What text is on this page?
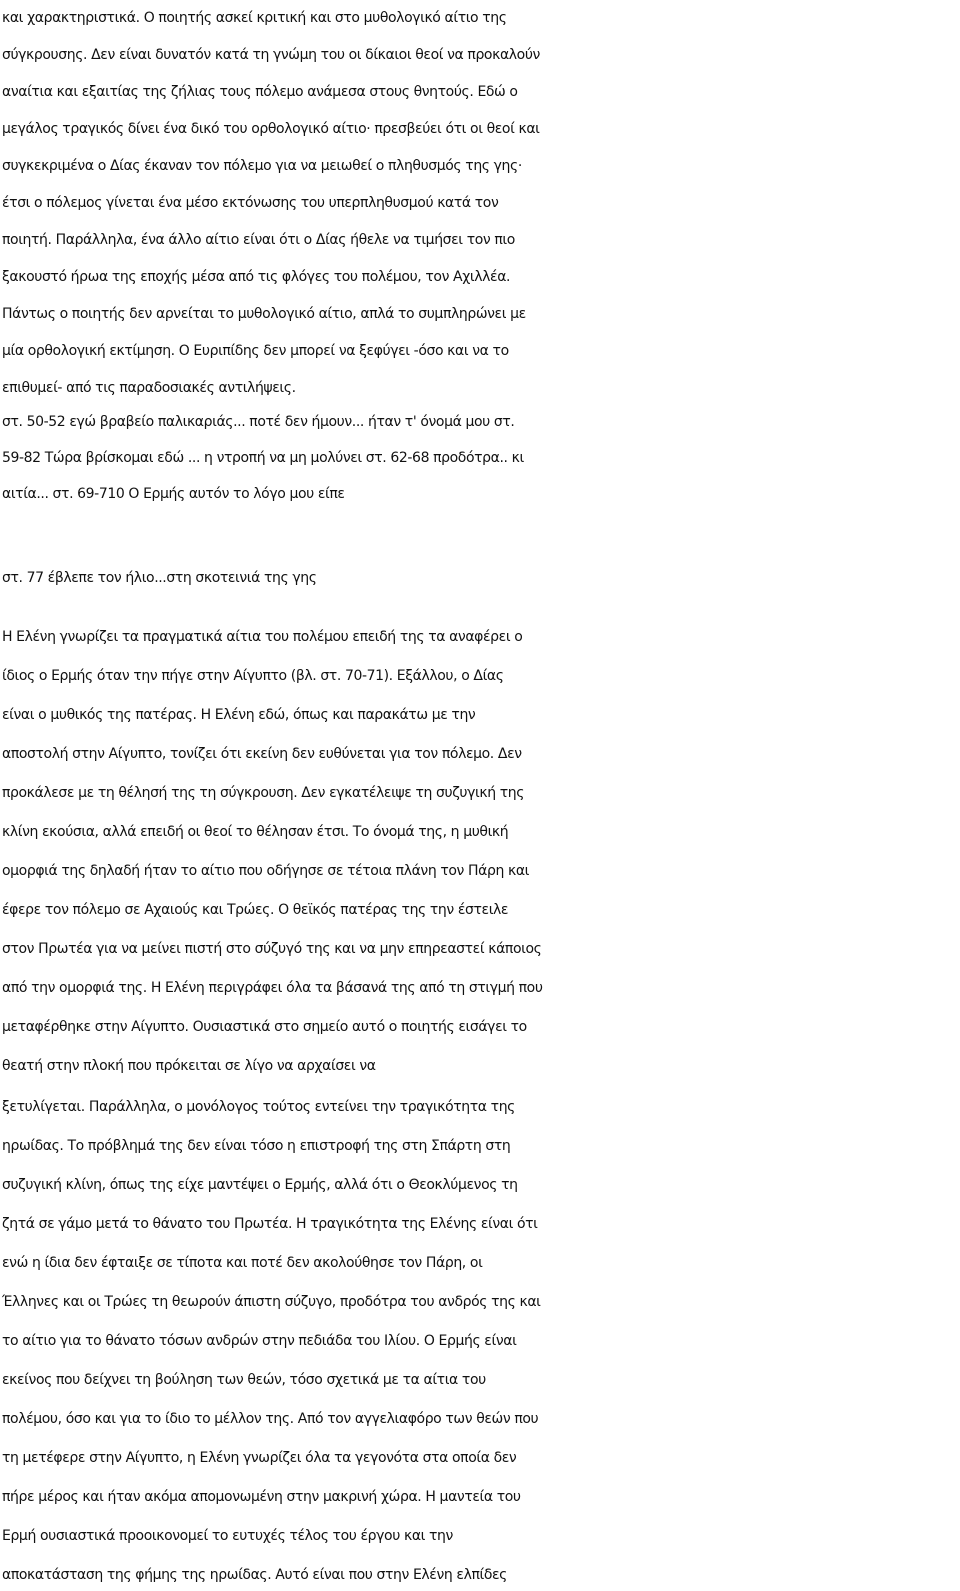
και χαρακτηριστικά. Ο ποιητής ασκεί κριτική και στο μυθολογικό αίτιο της
σύγκρουσης. Δεν είναι δυνατόν κατά τη γνώμη του οι δίκαιοι θεοί να προκαλούν
αναίτια και εξαιτίας της ζήλιας τους πόλεμο ανάμεσα στους θνητούς. Εδώ ο
μεγάλος τραγικός δίνει ένα δικό του ορθολογικό αίτιο· πρεσβεύει ότι οι θεοί και
συγκεκριμένα ο Δίας έκαναν τον πόλεμο για να μειωθεί ο πληθυσμός της γης·
έτσι ο πόλεμος γίνεται ένα μέσο εκτόνωσης του υπερπληθυσμού κατά τον
ποιητή. Παράλληλα, ένα άλλο αίτιο είναι ότι ο Δίας ήθελε να τιμήσει τον πιο
ξακουστό ήρωα της εποχής μέσα από τις φλόγες του πολέμου, τον Αχιλλέα.
Πάντως ο ποιητής δεν αρνείται το μυθολογικό αίτιο, απλά το συμπληρώνει με
μία ορθολογική εκτίμηση. Ο Ευριπίδης δεν μπορεί να ξεφύγει -όσο και να το
επιθυμεί- από τις παραδοσιακές αντιλήψεις.
στ. 50-52 εγώ βραβείο παλικαριάς... ποτέ δεν ήμουν... ήταν τ' όνομά μου στ.
59-82 Τώρα βρίσκομαι εδώ ... η ντροπή να μη μολύνει στ. 62-68 προδότρα.. κι
αιτία... στ. 69-710 Ο Ερμής αυτόν το λόγο μου είπε
στ. 77 έβλεπε τον ήλιο...στη σκοτεινιά της γης
Η Ελένη γνωρίζει τα πραγματικά αίτια του πολέμου επειδή της τα αναφέρει ο
ίδιος ο Ερμής όταν την πήγε στην Αίγυπτο (βλ. στ. 70-71). Εξάλλου, ο Δίας
είναι ο μυθικός της πατέρας. Η Ελένη εδώ, όπως και παρακάτω με την
αποστολή στην Αίγυπτο, τονίζει ότι εκείνη δεν ευθύνεται για τον πόλεμο. Δεν
προκάλεσε με τη θέλησή της τη σύγκρουση. Δεν εγκατέλειψε τη συζυγική της
κλίνη εκούσια, αλλά επειδή οι θεοί το θέλησαν έτσι. Το όνομά της, η μυθική
ομορφιά της δηλαδή ήταν το αίτιο που οδήγησε σε τέτοια πλάνη τον Πάρη και
έφερε τον πόλεμο σε Αχαιούς και Τρώες. Ο θεϊκός πατέρας της την έστειλε
στον Πρωτέα για να μείνει πιστή στο σύζυγό της και να μην επηρεαστεί κάποιος
από την ομορφιά της. Η Ελένη περιγράφει όλα τα βάσανά της από τη στιγμή που
μεταφέρθηκε στην Αίγυπτο. Ουσιαστικά στο σημείο αυτό ο ποιητής εισάγει το
θεατή στην πλοκή που πρόκειται σε λίγο να αρχαίσει να
ξετυλίγεται. Παράλληλα, ο μονόλογος τούτος εντείνει την τραγικότητα της
ηρωίδας. Το πρόβλημά της δεν είναι τόσο η επιστροφή της στη Σπάρτη στη
συζυγική κλίνη, όπως της είχε μαντέψει ο Ερμής, αλλά ότι ο Θεοκλύμενος τη
ζητά σε γάμο μετά το θάνατο του Πρωτέα. Η τραγικότητα της Ελένης είναι ότι
ενώ η ίδια δεν έφταιξε σε τίποτα και ποτέ δεν ακολούθησε τον Πάρη, οι
Έλληνες και οι Τρώες τη θεωρούν άπιστη σύζυγο, προδότρα του ανδρός της και
το αίτιο για το θάνατο τόσων ανδρών στην πεδιάδα του Ιλίου. Ο Ερμής είναι
εκείνος που δείχνει τη βούληση των θεών, τόσο σχετικά με τα αίτια του
πολέμου, όσο και για το ίδιο το μέλλον της. Από τον αγγελιαφόρο των θεών που
τη μετέφερε στην Αίγυπτο, η Ελένη γνωρίζει όλα τα γεγονότα στα οποία δεν
πήρε μέρος και ήταν ακόμα απομονωμένη στην μακρινή χώρα. Η μαντεία του
Ερμή ουσιαστικά προοικονομεί το ευτυχές τέλος του έργου και την
αποκατάσταση της φήμης της ηρωίδας. Αυτό είναι που στην Ελένη ελπίδες
